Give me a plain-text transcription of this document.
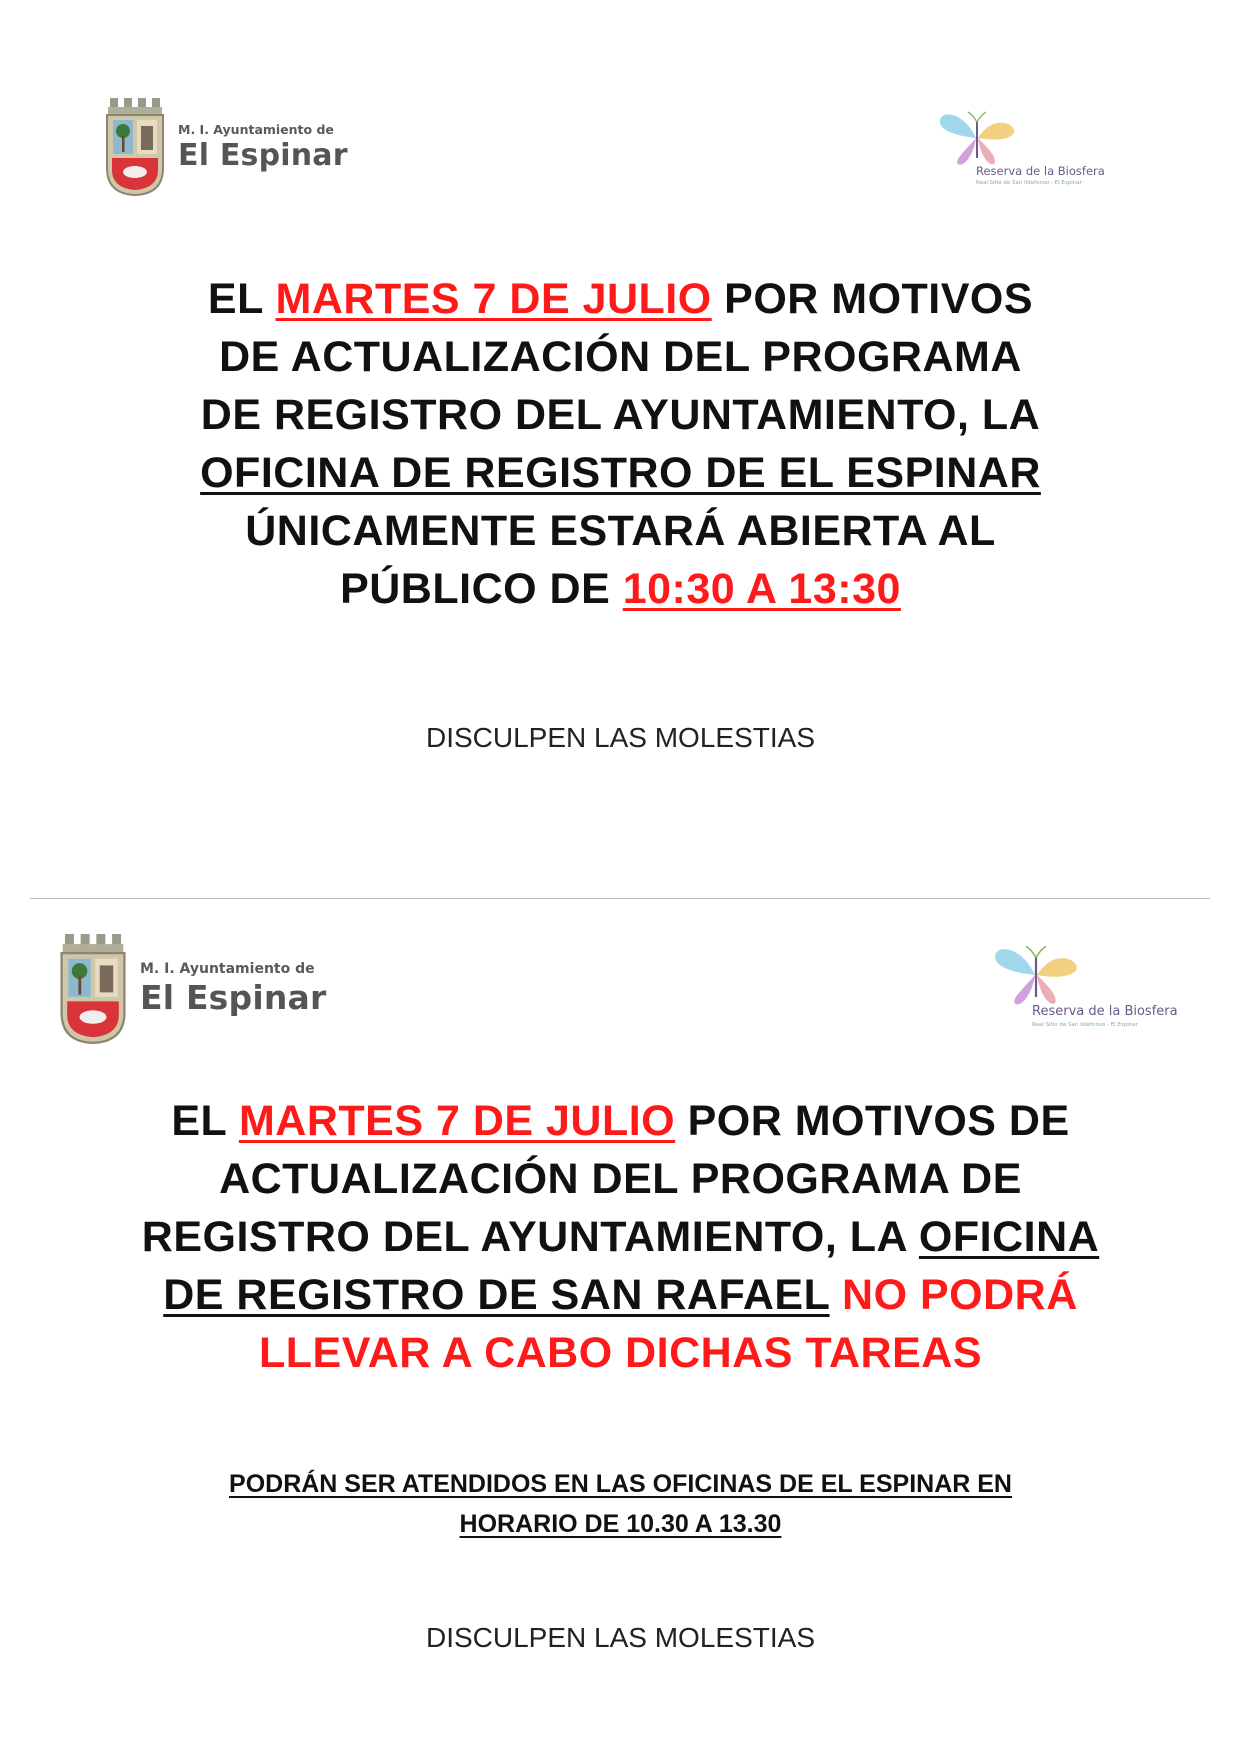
M. I. Ayuntamiento de
El Espinar	Reserva de la Biosfera
Real Sitio de San Ildefonso - El Espinar
EL MARTES 7 DE JULIO POR MOTIVOS
DE ACTUALIZACIÓN DEL PROGRAMA
DE REGISTRO DEL AYUNTAMIENTO, LA
OFICINA DE REGISTRO DE EL ESPINAR
ÚNICAMENTE ESTARÁ ABIERTA AL
PÚBLICO DE 10:30 A 13:30
DISCULPEN LAS MOLESTIAS
M. I. Ayuntamiento de
El Espinar	Reserva de la Biosfera
Real Sitio de San Ildefonso - El Espinar
EL MARTES 7 DE JULIO POR MOTIVOS DE
ACTUALIZACIÓN DEL PROGRAMA DE
REGISTRO DEL AYUNTAMIENTO, LA OFICINA
DE REGISTRO DE SAN RAFAEL NO PODRÁ
LLEVAR A CABO DICHAS TAREAS
PODRÁN SER ATENDIDOS EN LAS OFICINAS DE EL ESPINAR EN
HORARIO DE 10.30 A 13.30
DISCULPEN LAS MOLESTIAS
